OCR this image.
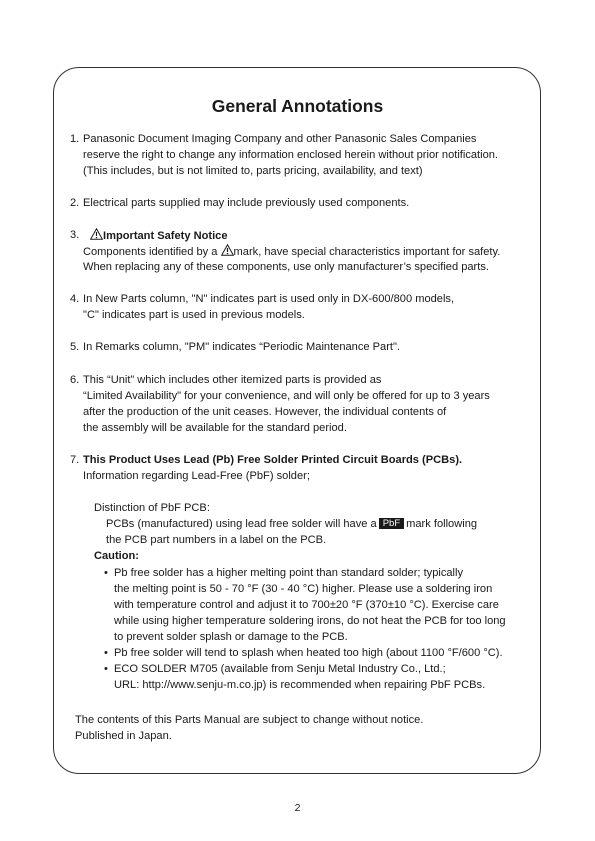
General Annotations

1. Panasonic Document Imaging Company and other Panasonic Sales Companies

reserve the right to change any information enclosed herein without prior notification.

(This includes, but is not limited to, parts pricing, availability, and text)

2. Electrical parts supplied may include previously used components.

3.	Important Safety Notice

Components identified by a mark, have special characteristics important for safety.

When replacing any of these components, use only manufacturer’s specified parts.

4. In New Parts column, "N" indicates part is used only in DX-600/800 models,

"C" indicates part is used in previous models.

5. In Remarks column, "PM" indicates “Periodic Maintenance Part".

6. This “Unit” which includes other itemized parts is provided as

“Limited Availability" for your convenience, and will only be offered for up to 3 years

after the production of the unit ceases. However, the individual contents of

the assembly will be available for the standard period.

7. This Product Uses Lead (Pb) Free Solder Printed Circuit Boards (PCBs).

Information regarding Lead-Free (PbF) solder;

Distinction of PbF PCB:

PCBs (manufactured) using lead free solder will have a PbF mark following

the PCB part numbers in a label on the PCB.

Caution:

• Pb free solder has a higher melting point than standard solder; typically

the melting point is 50 - 70 °F (30 - 40 °C) higher. Please use a soldering iron

with temperature control and adjust it to 700±20 °F (370±10 °C). Exercise care

while using higher temperature soldering irons, do not heat the PCB for too long

to prevent solder splash or damage to the PCB.

• Pb free solder will tend to splash when heated too high (about 1100 °F/600 °C).

• ECO SOLDER M705 (available from Senju Metal Industry Co., Ltd.;

URL: http://www.senju-m.co.jp) is recommended when repairing PbF PCBs.

The contents of this Parts Manual are subject to change without notice.

Published in Japan.

2
